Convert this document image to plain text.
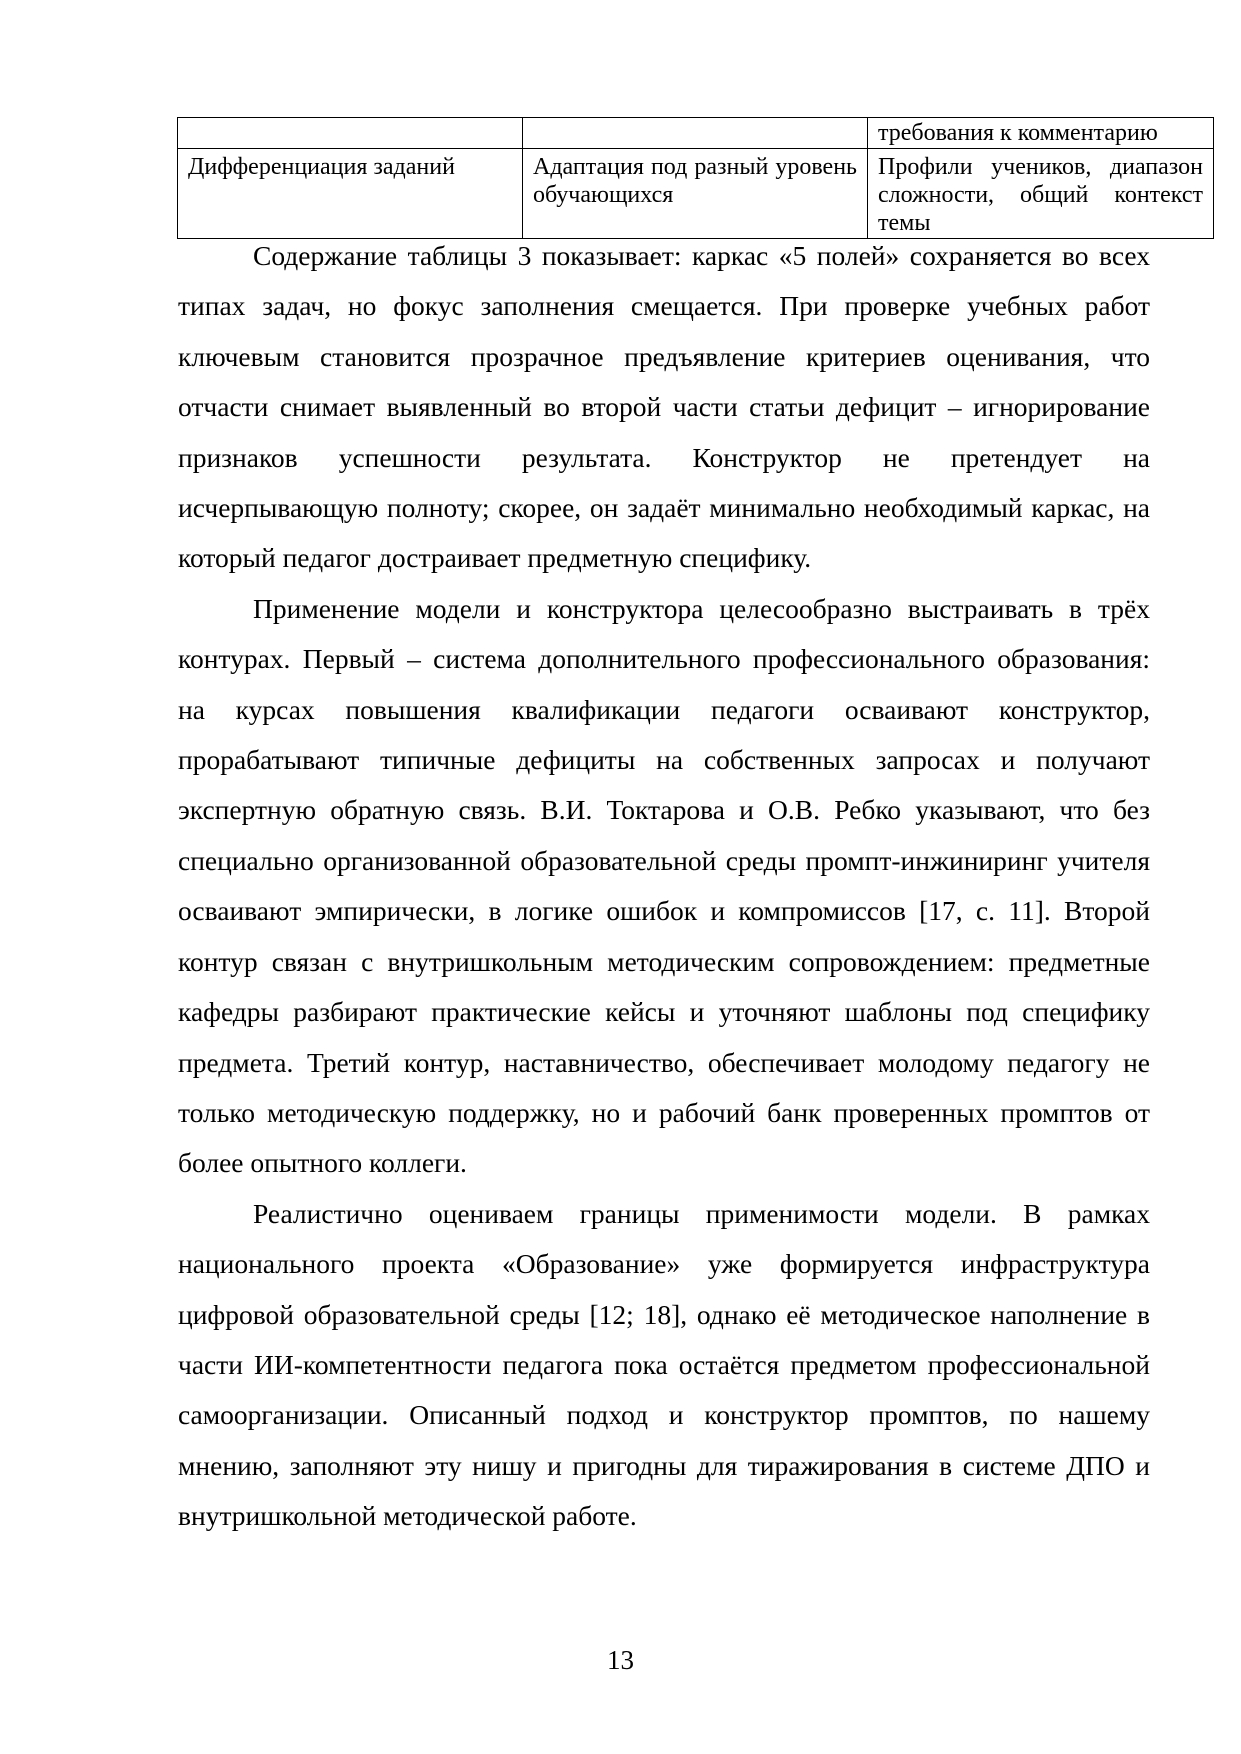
		требования к комментарию
Дифференциация заданий	Адаптация под разный уровень обучающихся	Профили учеников, диапазон сложности, общий контекст темы

Содержание таблицы 3 показывает: каркас «5 полей» сохраняется во всех типах задач, но фокус заполнения смещается. При проверке учебных работ ключевым становится прозрачное предъявление критериев оценивания, что отчасти снимает выявленный во второй части статьи дефицит – игнорирование признаков успешности результата. Конструктор не претендует на исчерпывающую полноту; скорее, он задаёт минимально необходимый каркас, на который педагог достраивает предметную специфику.

Применение модели и конструктора целесообразно выстраивать в трёх контурах. Первый – система дополнительного профессионального образования: на курсах повышения квалификации педагоги осваивают конструктор, прорабатывают типичные дефициты на собственных запросах и получают экспертную обратную связь. В.И. Токтарова и О.В. Ребко указывают, что без специально организованной образовательной среды промпт-инжиниринг учителя осваивают эмпирически, в логике ошибок и компромиссов [17, с. 11]. Второй контур связан с внутришкольным методическим сопровождением: предметные кафедры разбирают практические кейсы и уточняют шаблоны под специфику предмета. Третий контур, наставничество, обеспечивает молодому педагогу не только методическую поддержку, но и рабочий банк проверенных промптов от более опытного коллеги.

Реалистично оцениваем границы применимости модели. В рамках национального проекта «Образование» уже формируется инфраструктура цифровой образовательной среды [12; 18], однако её методическое наполнение в части ИИ-компетентности педагога пока остаётся предметом профессиональной самоорганизации. Описанный подход и конструктор промптов, по нашему мнению, заполняют эту нишу и пригодны для тиражирования в системе ДПО и внутришкольной методической работе.

13
